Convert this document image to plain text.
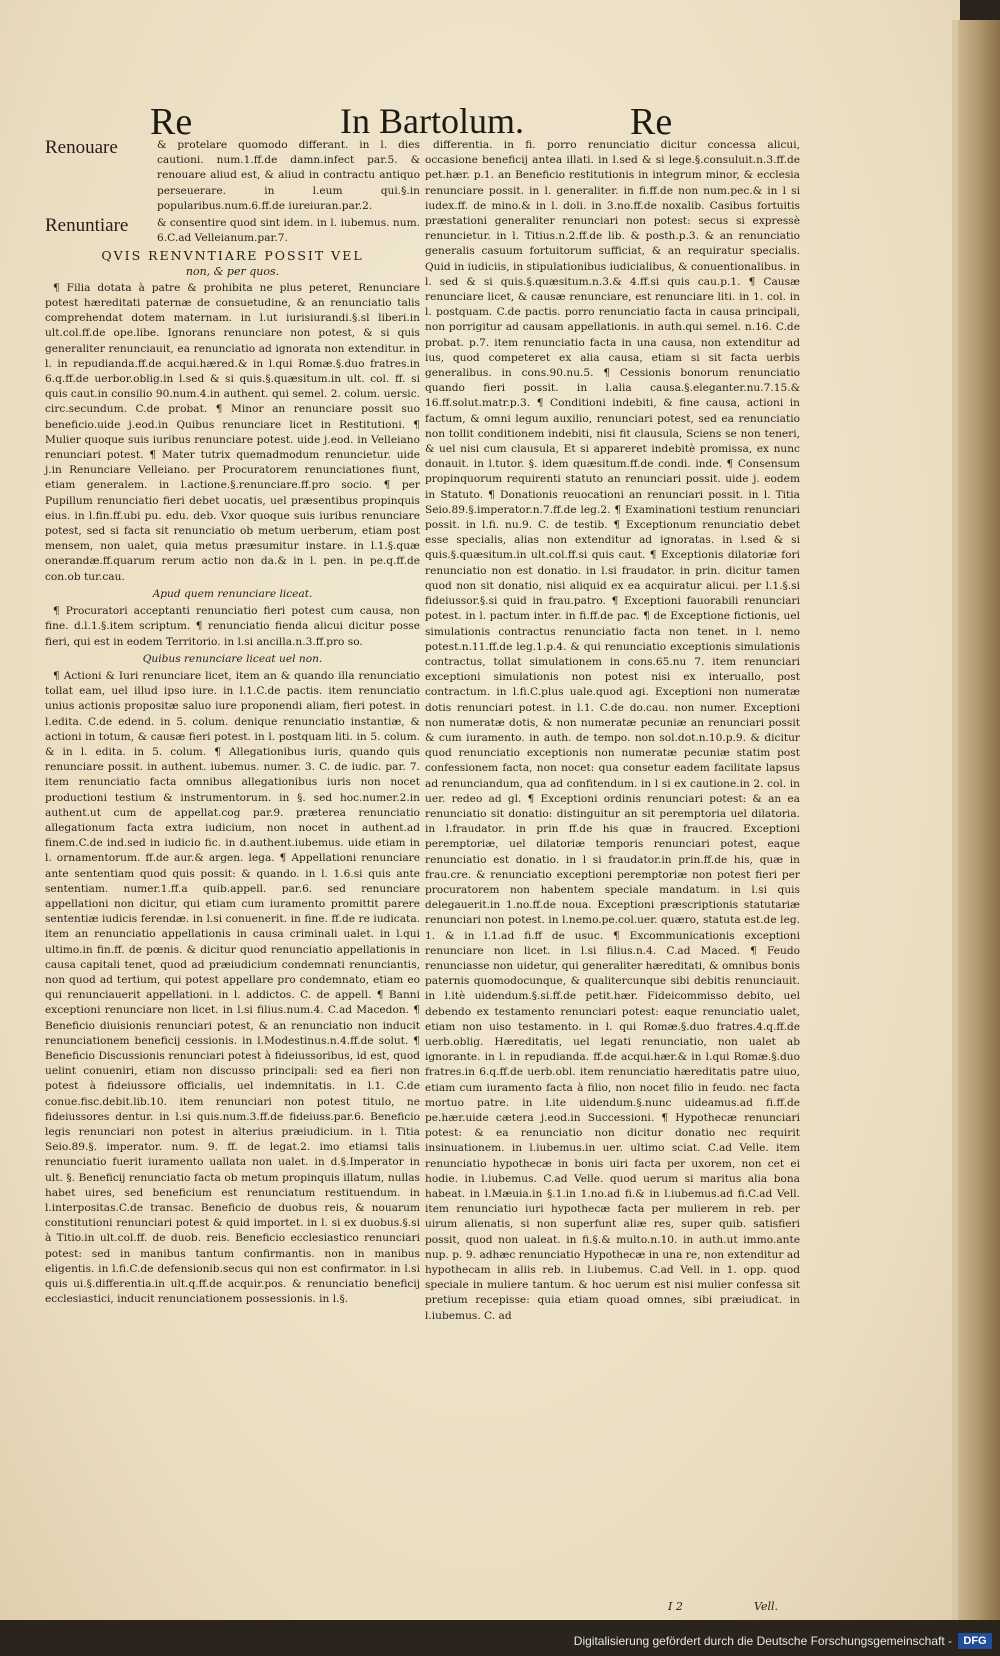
Re	In Bartolum.	Re
Renouare	& protelare quomodo differant. in l. dies cautioni. num.1.ff.de damn.infect par.5. & renouare aliud est, & aliud in contractu antiquo perseuerare. in l.eum qui.§.in popularibus.num.6.ff.de iureiuran.par.2.
Renuntiare	& consentire quod sint idem. in l. iubemus. num. 6.C.ad Velleianum.par.7.
QVIS RENVNTIARE POSSIT VEL
non, & per quos.

¶ Filia dotata à patre & prohibita ne plus peteret, Renunciare potest hæreditati paternæ de consuetudine, & an renunciatio talis comprehendat dotem maternam. in l.ut iurisiurandi.§.sl liberi.in ult.col.ff.de ope.libe. Ignorans renunciare non potest, & si quis generaliter renunciauit, ea renunciatio ad ignorata non extenditur. in l. in repudianda.ff.de acqui.hæred.& in l.qui Romæ.§.duo fratres.in 6.q.ff.de uerbor.oblig.in l.sed & si quis.§.quæsitum.in ult. col. ff. si quis caut.in consilio 90.num.4.in authent. qui semel. 2. colum. uersic. circ.secundum. C.de probat. ¶ Minor an renunciare possit suo beneficio.uide j.eod.in Quibus renunciare licet in Restitutioni. ¶ Mulier quoque suis iuribus renunciare potest. uide j.eod. in Velleiano renunciari potest. ¶ Mater tutrix quemadmodum renuncietur. uide j.in Renunciare Velleiano. per Procuratorem renunciationes fiunt, etiam generalem. in l.actione.§.renunciare.ff.pro socio. ¶ per Pupillum renunciatio fieri debet uocatis, uel præsentibus propinquis eius. in l.fin.ff.ubi pu. edu. deb. Vxor quoque suis iuribus renunciare potest, sed si facta sit renunciatio ob metum uerberum, etiam post mensem, non ualet, quia metus præsumitur instare. in l.1.§.quæ onerandæ.ff.quarum rerum actio non da.& in l. pen. in pe.q.ff.de con.ob tur.cau.

Apud quem renunciare liceat.

¶ Procuratori acceptanti renunciatio fieri potest cum causa, non fine. d.l.1.§.item scriptum. ¶ renunciatio fienda alicui dicitur posse fieri, qui est in eodem Territorio. in l.si ancilla.n.3.ff.pro so.

Quibus renunciare liceat uel non.

¶ Actioni & Iuri renunciare licet, item an & quando illa renunciatio tollat eam, uel illud ipso iure. in l.1.C.de pactis. item renunciatio unius actionis propositæ saluo iure proponendi aliam, fieri potest. in l.edita. C.de edend. in 5. colum. denique renunciatio instantiæ, & actioni in totum, & causæ fieri potest. in l. postquam liti. in 5. colum. & in l. edita. in 5. colum. ¶ Allegationibus iuris, quando quis renunciare possit. in authent. iubemus. numer. 3. C. de iudic. par. 7. item renunciatio facta omnibus allegationibus iuris non nocet productioni testium & instrumentorum. in §. sed hoc.numer.2.in authent.ut cum de appellat.cog par.9. præterea renunciatio allegationum facta extra iudicium, non nocet in authent.ad finem.C.de ind.sed in iudicio fic. in d.authent.iubemus. uide etiam in l. ornamentorum. ff.de aur.& argen. lega. ¶ Appellationi renunciare ante sententiam quod quis possit: & quando. in l. 1.6.si quis ante sententiam. numer.1.ff.a quib.appell. par.6. sed renunciare appellationi non dicitur, qui etiam cum iuramento promittit parere sententiæ iudicis ferendæ. in l.si conuenerit. in fine. ff.de re iudicata. item an renunciatio appellationis in causa criminali ualet. in l.qui ultimo.in fin.ff. de pœnis. & dicitur quod renunciatio appellationis in causa capitali tenet, quod ad præiudicium condemnati renunciantis, non quod ad tertium, qui potest appellare pro condemnato, etiam eo qui renunciauerit appellationi. in l. addictos. C. de appell. ¶ Banni exceptioni renunciare non licet. in l.si filius.num.4. C.ad Macedon. ¶ Beneficio diuisionis renunciari potest, & an renunciatio non inducit renunciationem beneficij cessionis. in l.Modestinus.n.4.ff.de solut. ¶ Beneficio Discussionis renunciari potest à fideiussoribus, id est, quod uelint conueniri, etiam non discusso principali: sed ea fieri non potest à fideiussore officialis, uel indemnitatis. in l.1. C.de conue.fisc.debit.lib.10. item renunciari non potest titulo, ne fideiussores dentur. in l.si quis.num.3.ff.de fideiuss.par.6. Beneficio legis renunciari non potest in alterius præiudicium. in l. Titia Seio.89.§. imperator. num. 9. ff. de legat.2. imo etiamsi talis renunciatio fuerit iuramento uallata non ualet. in d.§.Imperator in ult. §. Beneficij renunciatio facta ob metum propinquis illatum, nullas habet uires, sed beneficium est renunciatum restituendum. in l.interpositas.C.de transac. Beneficio de duobus reis, & nouarum constitutioni renunciari potest & quid importet. in l. si ex duobus.§.si à Titio.in ult.col.ff. de duob. reis. Beneficio ecclesiastico renunciari potest: sed in manibus tantum confirmantis. non in manibus eligentis. in l.fi.C.de defensionib.secus qui non est confirmator. in l.si quis ui.§.differentia.in ult.q.ff.de acquir.pos. & renunciatio beneficij ecclesiastici, inducit renunciationem possessionis. in l.§.

differentia. in fi. porro renunciatio dicitur concessa alicui, occasione beneficij antea illati. in l.sed & si lege.§.consuluit.n.3.ff.de pet.hær. p.1. an Beneficio restitutionis in integrum minor, & ecclesia renunciare possit. in l. generaliter. in fi.ff.de non num.pec.& in l si iudex.ff. de mino.& in l. doli. in 3.no.ff.de noxalib. Casibus fortuitis præstationi generaliter renunciari non potest: secus si expressè renuncietur. in l. Titius.n.2.ff.de lib. & posth.p.3. & an renunciatio generalis casuum fortuitorum sufficiat, & an requiratur specialis. Quid in iudiciis, in stipulationibus iudicialibus, & conuentionalibus. in l. sed & si quis.§.quæsitum.n.3.& 4.ff.si quis cau.p.1. ¶ Causæ renunciare licet, & causæ renunciare, est renunciare liti. in 1. col. in l. postquam. C.de pactis. porro renunciatio facta in causa principali, non porrigitur ad causam appellationis. in auth.qui semel. n.16. C.de probat. p.7. item renunciatio facta in una causa, non extenditur ad ius, quod competeret ex alia causa, etiam si sit facta uerbis generalibus. in cons.90.nu.5. ¶ Cessionis bonorum renunciatio quando fieri possit. in l.alia causa.§.eleganter.nu.7.15.& 16.ff.solut.matr.p.3. ¶ Conditioni indebiti, & fine causa, actioni in factum, & omni legum auxilio, renunciari potest, sed ea renunciatio non tollit conditionem indebiti, nisi fit clausula, Sciens se non teneri, & uel nisi cum clausula, Et si appareret indebitè promissa, ex nunc donauit. in l.tutor. §. idem quæsitum.ff.de condi. inde. ¶ Consensum propinquorum requirenti statuto an renunciari possit. uide j. eodem in Statuto. ¶ Donationis reuocationi an renunciari possit. in l. Titia Seio.89.§.imperator.n.7.ff.de leg.2. ¶ Examinationi testium renunciari possit. in l.fi. nu.9. C. de testib. ¶ Exceptionum renunciatio debet esse specialis, alias non extenditur ad ignoratas. in l.sed & si quis.§.quæsitum.in ult.col.ff.si quis caut. ¶ Exceptionis dilatoriæ fori renunciatio non est donatio. in l.si fraudator. in prin. dicitur tamen quod non sit donatio, nisi aliquid ex ea acquiratur alicui. per l.1.§.si fideiussor.§.si quid in frau.patro. ¶ Exceptioni fauorabili renunciari potest. in l. pactum inter. in fi.ff.de pac. ¶ de Exceptione fictionis, uel simulationis contractus renunciatio facta non tenet. in l. nemo potest.n.11.ff.de leg.1.p.4. & qui renunciatio exceptionis simulationis contractus, tollat simulationem in cons.65.nu 7. item renunciari exceptioni simulationis non potest nisi ex interuallo, post contractum. in l.fi.C.plus uale.quod agi. Exceptioni non numeratæ dotis renunciari potest. in l.1. C.de do.cau. non numer. Exceptioni non numeratæ dotis, & non numeratæ pecuniæ an renunciari possit & cum iuramento. in auth. de tempo. non sol.dot.n.10.p.9. & dicitur quod renunciatio exceptionis non numeratæ pecuniæ statim post confessionem facta, non nocet: qua consetur eadem facilitate lapsus ad renunciandum, qua ad confitendum. in l si ex cautione.in 2. col. in uer. redeo ad gl. ¶ Exceptioni ordinis renunciari potest: & an ea renunciatio sit donatio: distinguitur an sit peremptoria uel dilatoria. in l.fraudator. in prin ff.de his quæ in fraucred. Exceptioni peremptoriæ, uel dilatoriæ temporis renunciari potest, eaque renunciatio est donatio. in l si fraudator.in prin.ff.de his, quæ in frau.cre. & renunciatio exceptioni peremptoriæ non potest fieri per procuratorem non habentem speciale mandatum. in l.si quis delegauerit.in 1.no.ff.de noua. Exceptioni præscriptionis statutariæ renunciari non potest. in l.nemo.pe.col.uer. quæro, statuta est.de leg. 1. & in l.1.ad fi.ff de usuc. ¶ Excommunicationis exceptioni renunciare non licet. in l.si filius.n.4. C.ad Maced. ¶ Feudo renunciasse non uidetur, qui generaliter hæreditati, & omnibus bonis paternis quomodocunque, & qualitercunque sibi debitis renunciauit. in l.itè uidendum.§.si.ff.de petit.hær. Fideicommisso debito, uel debendo ex testamento renunciari potest: eaque renunciatio ualet, etiam non uiso testamento. in l. qui Romæ.§.duo fratres.4.q.ff.de uerb.oblig. Hæreditatis, uel legati renunciatio, non ualet ab ignorante. in l. in repudianda. ff.de acqui.hær.& in l.qui Romæ.§.duo fratres.in 6.q.ff.de uerb.obl. item renunciatio hæreditatis patre uiuo, etiam cum iuramento facta à filio, non nocet filio in feudo. nec facta mortuo patre. in l.ite uidendum.§.nunc uideamus.ad fi.ff.de pe.hær.uide cætera j.eod.in Successioni. ¶ Hypothecæ renunciari potest: & ea renunciatio non dicitur donatio nec requirit insinuationem. in l.iubemus.in uer. ultimo sciat. C.ad Velle. item renunciatio hypothecæ in bonis uiri facta per uxorem, non cet ei hodie. in l.iubemus. C.ad Velle. quod uerum si maritus alia bona habeat. in l.Mæuia.in §.1.in 1.no.ad fi.& in l.iubemus.ad fi.C.ad Vell. item renunciatio iuri hypothecæ facta per mulierem in reb. per uirum alienatis, si non superfunt aliæ res, super quib. satisfieri possit, quod non ualeat. in fi.§.& multo.n.10. in auth.ut immo.ante nup. p. 9. adhæc renunciatio Hypothecæ in una re, non extenditur ad hypothecam in aliis reb. in l.iubemus. C.ad Vell. in 1. opp. quod speciale in muliere tantum. & hoc uerum est nisi mulier confessa sit pretium recepisse: quia etiam quoad omnes, sibi præiudicat. in l.iubemus. C. ad

I 2	Vell.
Digitalisierung gefördert durch die Deutsche Forschungsgemeinschaft -	DFG
